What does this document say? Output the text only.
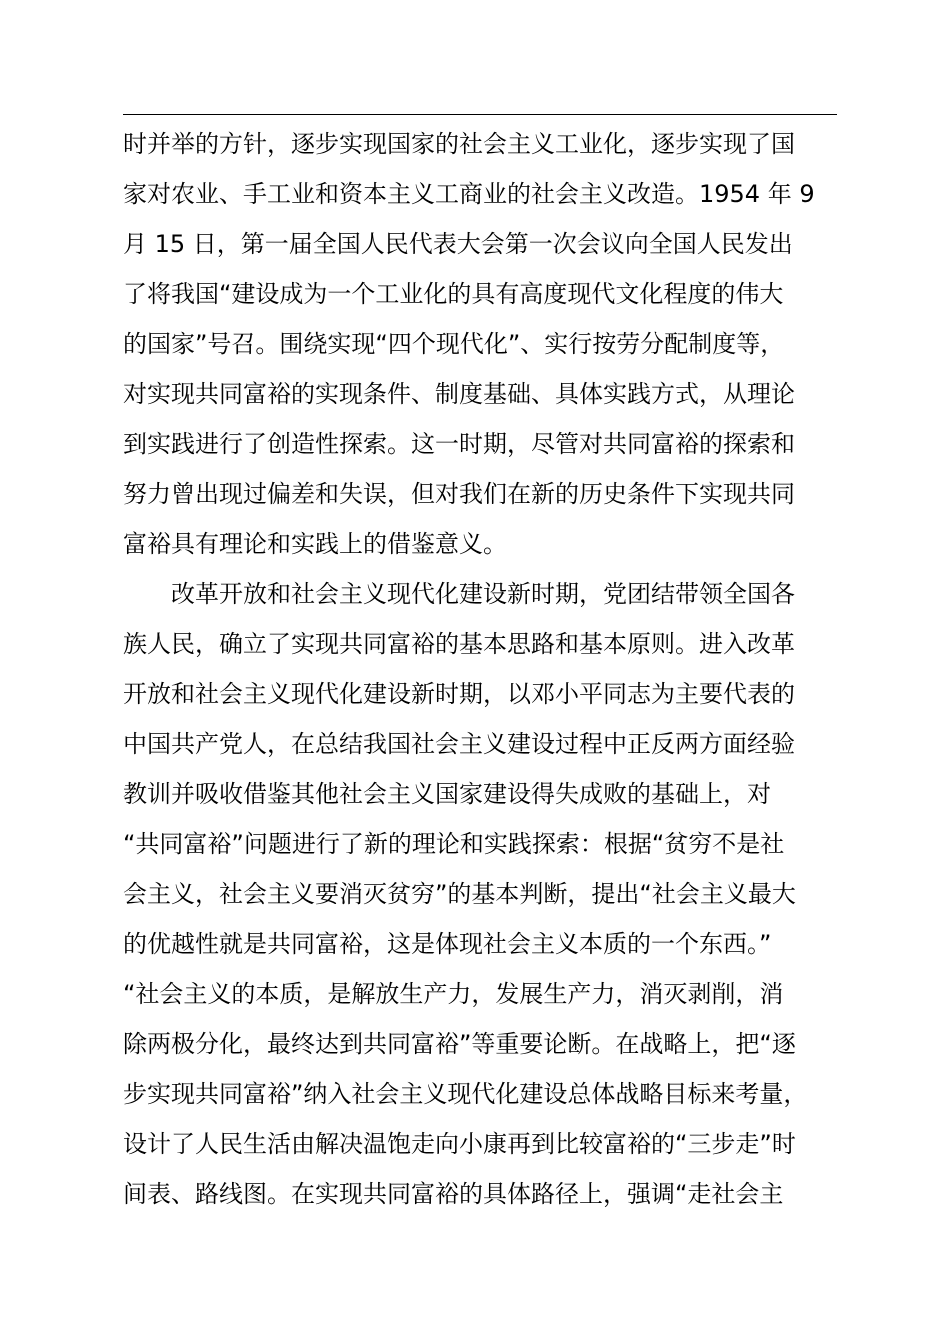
时并举的方针，逐步实现国家的社会主义工业化，逐步实现了国
家对农业、手工业和资本主义工商业的社会主义改造。1954 年 9
月 15 日，第一届全国人民代表大会第一次会议向全国人民发出
了将我国“建设成为一个工业化的具有高度现代文化程度的伟大
的国家”号召。围绕实现“四个现代化”、实行按劳分配制度等，
对实现共同富裕的实现条件、制度基础、具体实践方式，从理论
到实践进行了创造性探索。这一时期，尽管对共同富裕的探索和
努力曾出现过偏差和失误，但对我们在新的历史条件下实现共同
富裕具有理论和实践上的借鉴意义。
改革开放和社会主义现代化建设新时期，党团结带领全国各
族人民，确立了实现共同富裕的基本思路和基本原则。进入改革
开放和社会主义现代化建设新时期，以邓小平同志为主要代表的
中国共产党人，在总结我国社会主义建设过程中正反两方面经验
教训并吸收借鉴其他社会主义国家建设得失成败的基础上，对
“共同富裕”问题进行了新的理论和实践探索：根据“贫穷不是社
会主义，社会主义要消灭贫穷”的基本判断，提出“社会主义最大
的优越性就是共同富裕，这是体现社会主义本质的一个东西。”
“社会主义的本质，是解放生产力，发展生产力，消灭剥削，消
除两极分化，最终达到共同富裕”等重要论断。在战略上，把“逐
步实现共同富裕”纳入社会主义现代化建设总体战略目标来考量，
设计了人民生活由解决温饱走向小康再到比较富裕的“三步走”时
间表、路线图。在实现共同富裕的具体路径上，强调“走社会主
